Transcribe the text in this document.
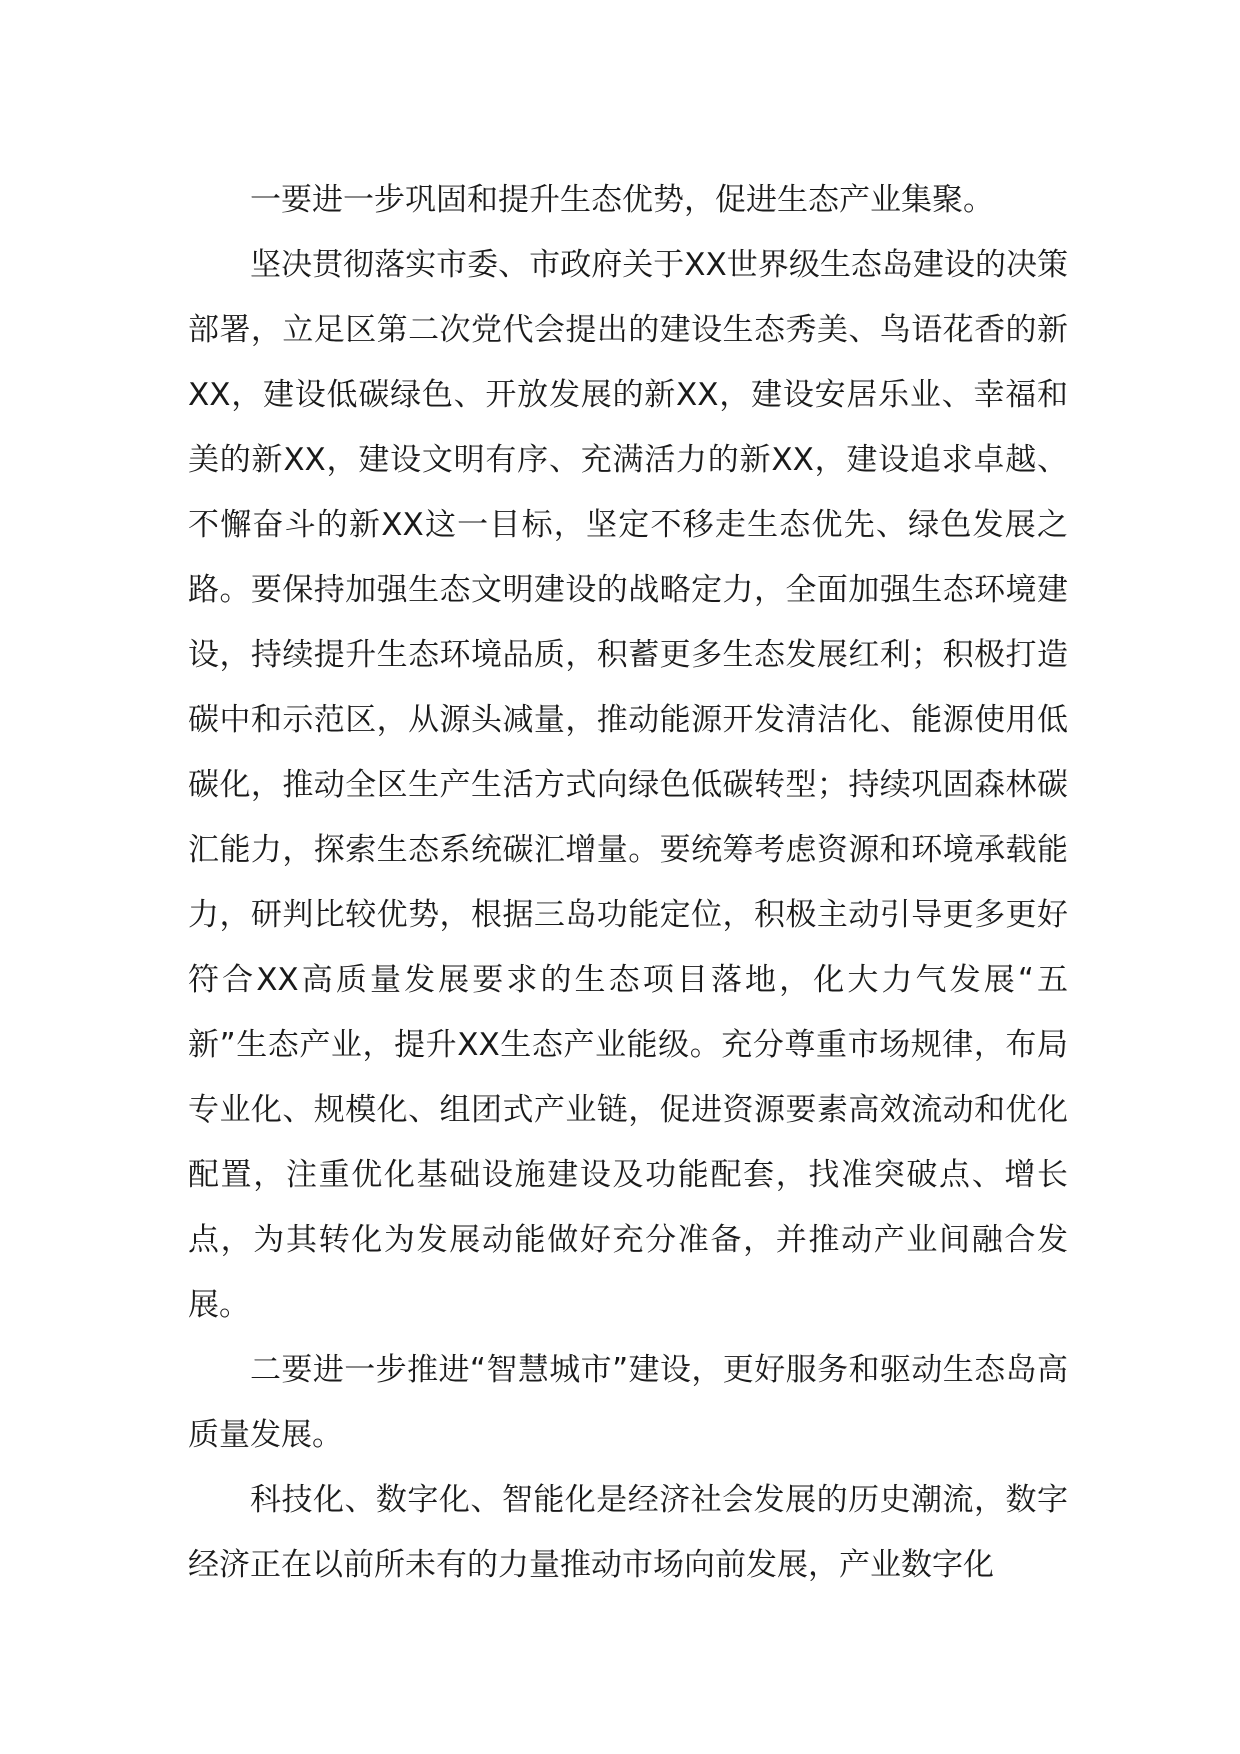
一要进一步巩固和提升生态优势，促进生态产业集聚。

坚决贯彻落实市委、市政府关于XX世界级生态岛建设的决策部署，立足区第二次党代会提出的建设生态秀美、鸟语花香的新XX，建设低碳绿色、开放发展的新XX，建设安居乐业、幸福和美的新XX，建设文明有序、充满活力的新XX，建设追求卓越、不懈奋斗的新XX这一目标，坚定不移走生态优先、绿色发展之路。要保持加强生态文明建设的战略定力，全面加强生态环境建设，持续提升生态环境品质，积蓄更多生态发展红利；积极打造碳中和示范区，从源头减量，推动能源开发清洁化、能源使用低碳化，推动全区生产生活方式向绿色低碳转型；持续巩固森林碳汇能力，探索生态系统碳汇增量。要统筹考虑资源和环境承载能力，研判比较优势，根据三岛功能定位，积极主动引导更多更好符合XX高质量发展要求的生态项目落地，化大力气发展“五新”生态产业，提升XX生态产业能级。充分尊重市场规律，布局专业化、规模化、组团式产业链，促进资源要素高效流动和优化配置，注重优化基础设施建设及功能配套，找准突破点、增长点，为其转化为发展动能做好充分准备，并推动产业间融合发展。

二要进一步推进“智慧城市”建设，更好服务和驱动生态岛高质量发展。

科技化、数字化、智能化是经济社会发展的历史潮流，数字经济正在以前所未有的力量推动市场向前发展，产业数字化
